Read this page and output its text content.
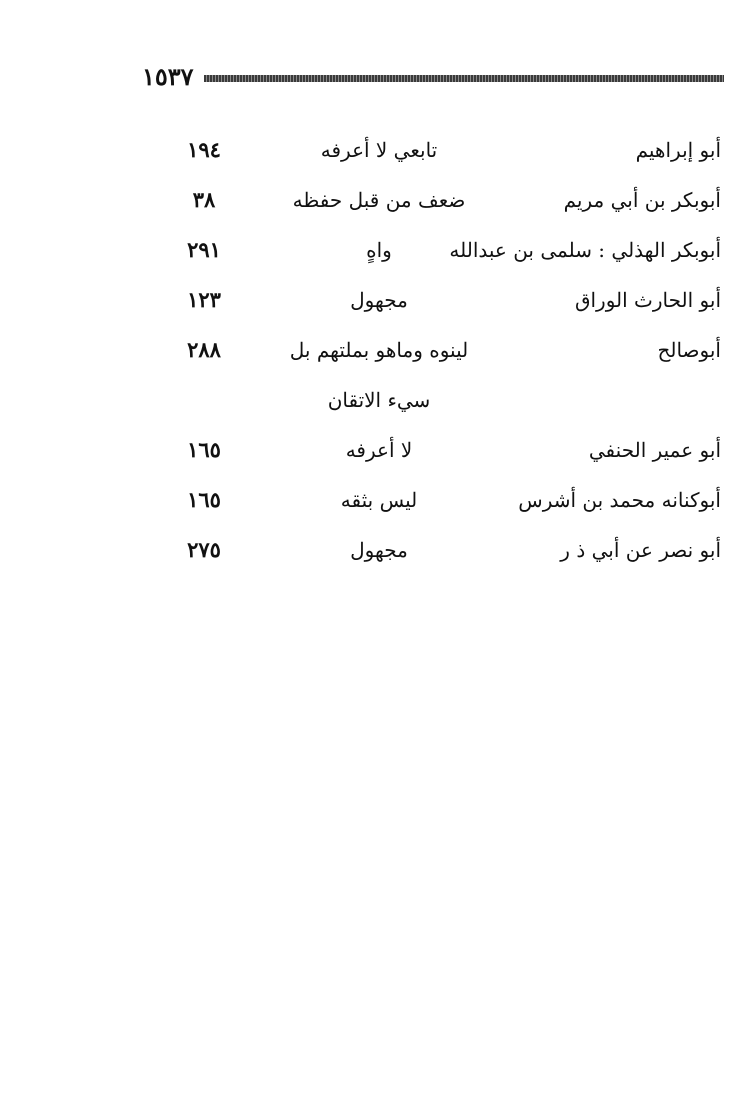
١٥٣٧
أبو إبراهيم
تابعي لا أعرفه
١٩٤
أبوبكر بن أبي مريم
ضعف من قبل حفظه
٣٨
أبوبكر الهذلي : سلمى بن عبدالله
واهٍ
٢٩١
أبو الحارث الوراق
مجهول
١٢٣
أبوصالح
لينوه وماهو بملتهم بل
٢٨٨
سيء الاتقان
أبو عمير الحنفي
لا أعرفه
١٦٥
أبوكنانه محمد بن أشرس
ليس بثقه
١٦٥
أبو نصر عن أبي ذ ر
مجهول
٢٧٥
